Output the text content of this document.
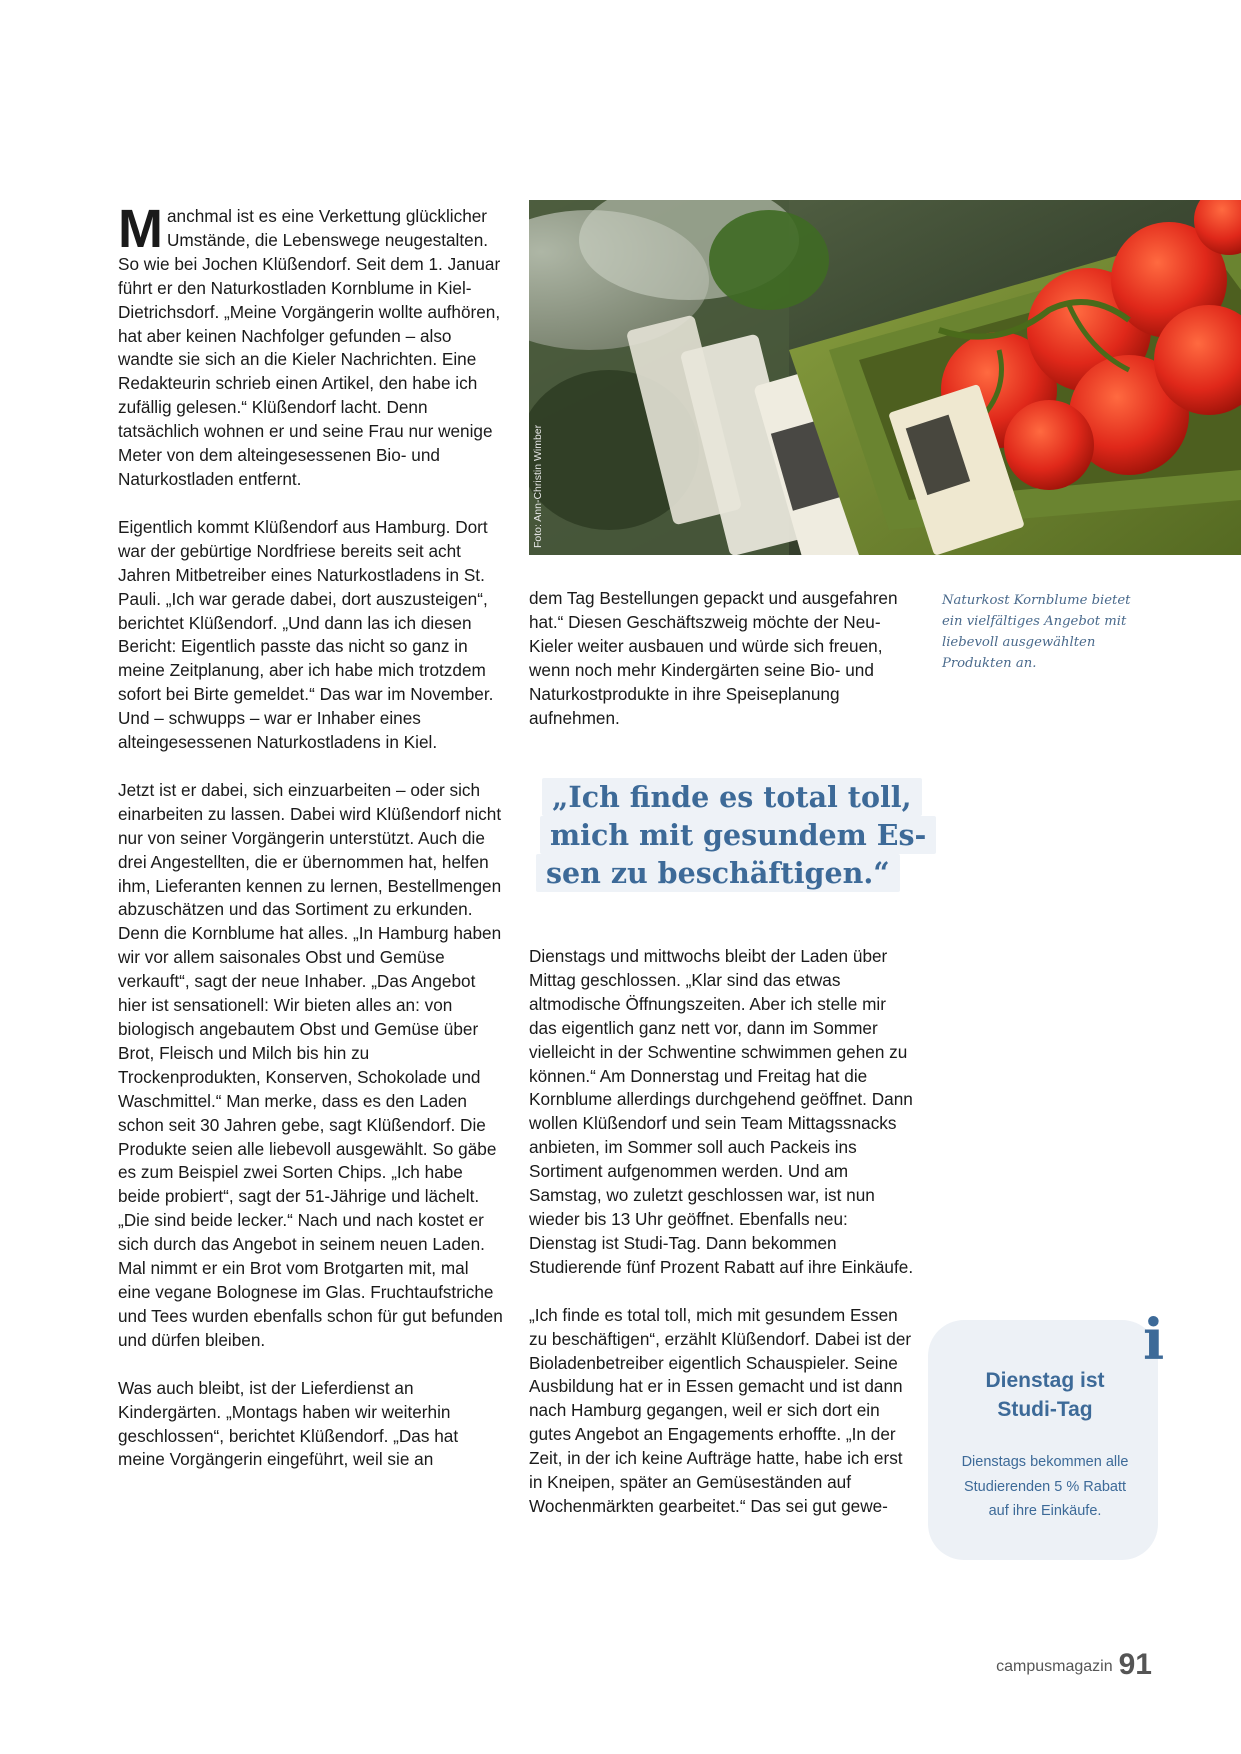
Manchmal ist es eine Verkettung glücklicher Umstände, die Lebenswege neugestalten. So wie bei Jochen Klüßendorf. Seit dem 1. Januar führt er den Naturkostladen Kornblume in Kiel-Dietrichsdorf. „Meine Vorgängerin wollte aufhören, hat aber keinen Nachfolger gefunden – also wandte sie sich an die Kieler Nachrichten. Eine Redakteurin schrieb einen Artikel, den habe ich zufällig gelesen.“ Klüßendorf lacht. Denn tatsächlich wohnen er und seine Frau nur wenige Meter von dem alteingesessenen Bio- und Naturkostladen entfernt.

Eigentlich kommt Klüßendorf aus Hamburg. Dort war der gebürtige Nordfriese bereits seit acht Jahren Mitbetreiber eines Naturkostladens in St. Pauli. „Ich war gerade dabei, dort auszusteigen“, berichtet Klüßendorf. „Und dann las ich diesen Bericht: Eigentlich passte das nicht so ganz in meine Zeitplanung, aber ich habe mich trotzdem sofort bei Birte gemeldet.“ Das war im November. Und – schwupps – war er Inhaber eines alteingesessenen Naturkostladens in Kiel.

Jetzt ist er dabei, sich einzuarbeiten – oder sich einarbeiten zu lassen. Dabei wird Klüßendorf nicht nur von seiner Vorgängerin unterstützt. Auch die drei Angestellten, die er übernommen hat, helfen ihm, Lieferanten kennen zu lernen, Bestellmengen abzuschätzen und das Sortiment zu erkunden. Denn die Kornblume hat alles. „In Hamburg haben wir vor allem saisonales Obst und Gemüse verkauft“, sagt der neue Inhaber. „Das Angebot hier ist sensationell: Wir bieten alles an: von biologisch angebautem Obst und Gemüse über Brot, Fleisch und Milch bis hin zu Trockenprodukten, Konserven, Schokolade und Waschmittel.“ Man merke, dass es den Laden schon seit 30 Jahren gebe, sagt Klüßendorf. Die Produkte seien alle liebevoll ausgewählt. So gäbe es zum Beispiel zwei Sorten Chips. „Ich habe beide probiert“, sagt der 51-Jährige und lächelt. „Die sind beide lecker.“ Nach und nach kostet er sich durch das Angebot in seinem neuen Laden. Mal nimmt er ein Brot vom Brotgarten mit, mal eine vegane Bolognese im Glas. Fruchtaufstriche und Tees wurden ebenfalls schon für gut befunden und dürfen bleiben.

Was auch bleibt, ist der Lieferdienst an Kindergärten. „Montags haben wir weiterhin geschlossen“, berichtet Klüßendorf. „Das hat meine Vorgängerin eingeführt, weil sie an

Foto: Ann-Christin Wimber
Naturkost Kornblume bietet ein vielfältiges Angebot mit liebevoll ausgewählten Produkten an.

dem Tag Bestellungen gepackt und ausgefahren hat.“ Diesen Geschäftszweig möchte der Neu-Kieler weiter ausbauen und würde sich freuen, wenn noch mehr Kindergärten seine Bio- und Naturkostprodukte in ihre Speiseplanung aufnehmen.

„Ich finde es total toll,
mich mit gesundem Es-
sen zu beschäftigen.“

Dienstags und mittwochs bleibt der Laden über Mittag geschlossen. „Klar sind das etwas altmodische Öffnungszeiten. Aber ich stelle mir das eigentlich ganz nett vor, dann im Sommer vielleicht in der Schwentine schwimmen gehen zu können.“ Am Donnerstag und Freitag hat die Kornblume allerdings durchgehend geöffnet. Dann wollen Klüßendorf und sein Team Mittagssnacks anbieten, im Sommer soll auch Packeis ins Sortiment aufgenommen werden. Und am Samstag, wo zuletzt geschlossen war, ist nun wieder bis 13 Uhr geöffnet. Ebenfalls neu: Dienstag ist Studi-Tag. Dann bekommen Studierende fünf Prozent Rabatt auf ihre Einkäufe.

„Ich finde es total toll, mich mit gesundem Essen zu beschäftigen“, erzählt Klüßendorf. Dabei ist der Bioladenbetreiber eigentlich Schauspieler. Seine Ausbildung hat er in Essen gemacht und ist dann nach Hamburg gegangen, weil er sich dort ein gutes Angebot an Engagements erhoffte. „In der Zeit, in der ich keine Aufträge hatte, habe ich erst in Kneipen, später an Gemüseständen auf Wochenmärkten gearbeitet.“ Das sei gut gewe-

i
Dienstag ist
Studi-Tag
Dienstags bekommen alle
Studierenden 5 % Rabatt
auf ihre Einkäufe.
campusmagazin 91
